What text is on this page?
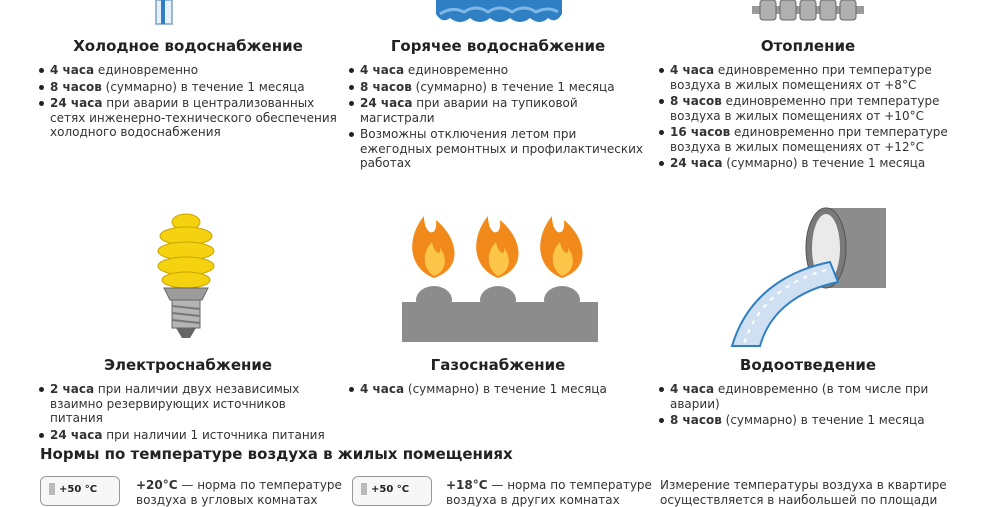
Холодное водоснабжение
4 часа единовременно
8 часов (суммарно) в течение 1 месяца
24 часа при аварии в централизованных сетях инженерно-технического обеспечения холодного водоснабжения
Горячее водоснабжение
4 часа единовременно
8 часов (суммарно) в течение 1 месяца
24 часа при аварии на тупиковой магистрали
Возможны отключения летом при ежегодных ремонтных и профилактических работах
Отопление
4 часа единовременно при температуре воздуха в жилых помещениях от +8°С
8 часов единовременно при температуре воздуха в жилых помещениях от +10°С
16 часов единовременно при температуре воздуха в жилых помещениях от +12°С
24 часа (суммарно) в течение 1 месяца
Электроснабжение
2 часа при наличии двух независимых взаимно резервирующих источников питания
24 часа при наличии 1 источника питания
Газоснабжение
4 часа (суммарно) в течение 1 месяца
Водоотведение
4 часа единовременно (в том числе при аварии)
8 часов (суммарно) в течение 1 месяца
Нормы по температуре воздуха в жилых помещениях
+50 °С	+20°С — норма по температуре воздуха в угловых комнатах
+50 °С	+18°С — норма по температуре воздуха в других комнатах
Измерение температуры воздуха в квартире осуществляется в наибольшей по площади
